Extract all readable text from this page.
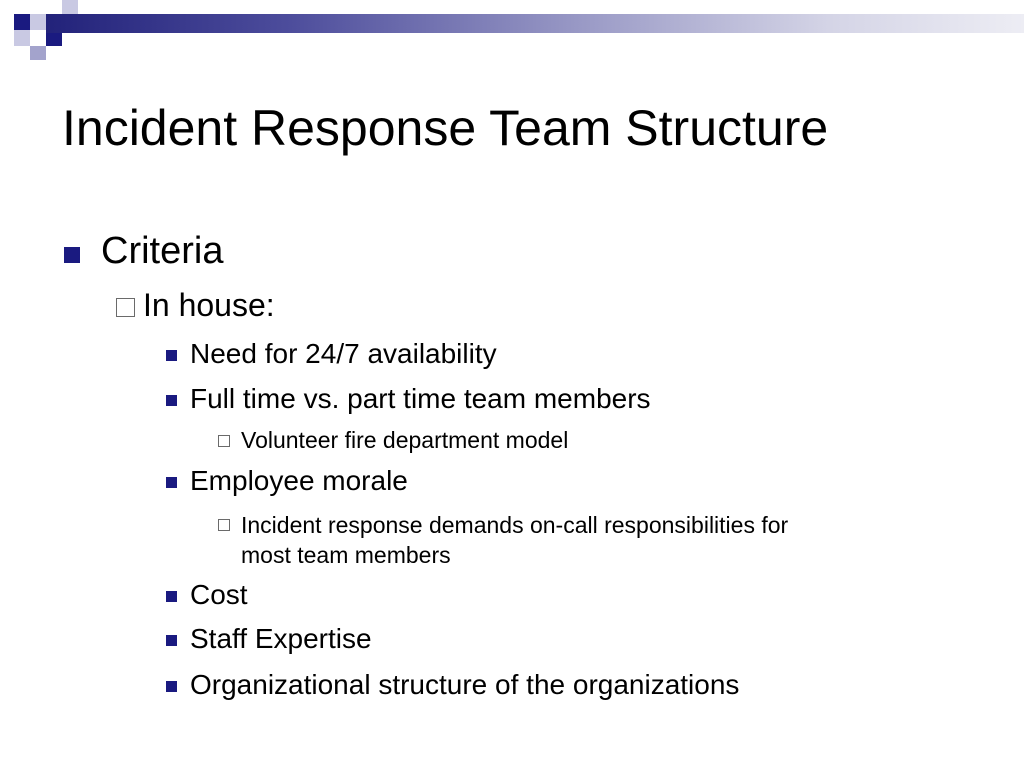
Incident Response Team Structure
Criteria
In house:
Need for 24/7 availability
Full time vs. part time team members
Volunteer fire department model
Employee morale
Incident response demands on-call responsibilities for
most team members
Cost
Staff Expertise
Organizational structure of the organizations
